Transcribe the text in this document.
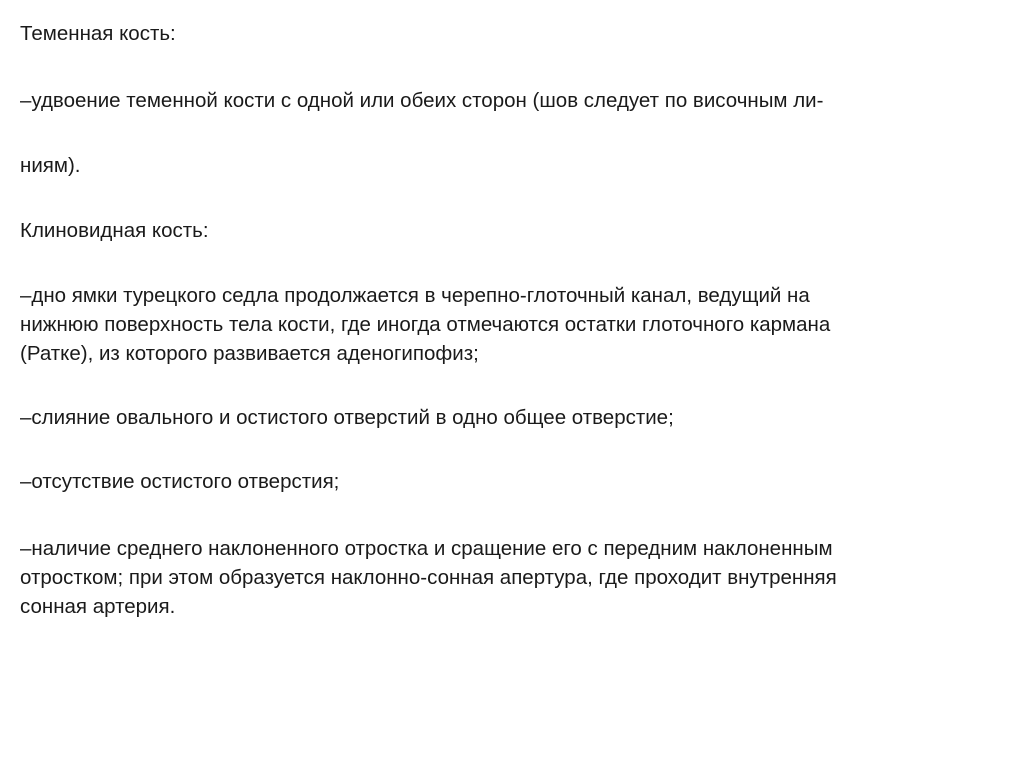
Теменная кость:

–удвоение теменной кости с одной или обеих сторон (шов следует по височным ли-

ниям).

Клиновидная кость:

–дно ямки турецкого седла продолжается в черепно-глоточный канал, ведущий на
нижнюю поверхность тела кости, где иногда отмечаются остатки глоточного кармана
(Ратке), из которого развивается аденогипофиз;

–слияние овального и остистого отверстий в одно общее отверстие;

–отсутствие остистого отверстия;

–наличие среднего наклоненного отростка и сращение его с передним наклоненным
отростком; при этом образуется наклонно-сонная апертура, где проходит внутренняя
сонная артерия.
